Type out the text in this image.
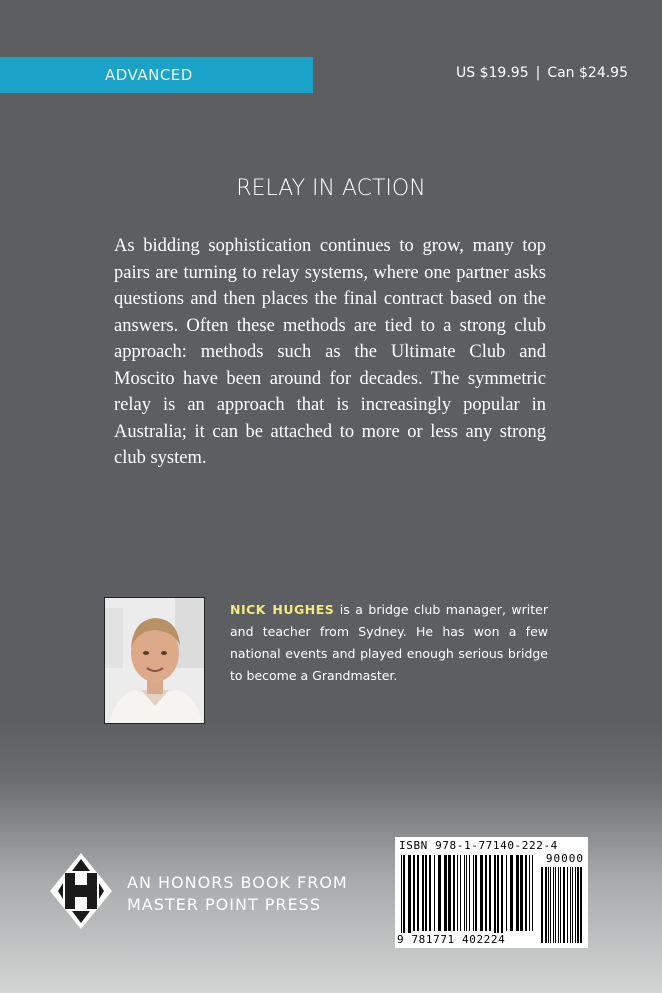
ADVANCED	US $19.95 | Can $24.95
RELAY IN ACTION

As bidding sophistication continues to grow, many top pairs are turning to relay systems, where one partner asks questions and then places the final contract based on the answers. Often these methods are tied to a strong club approach: methods such as the Ultimate Club and Moscito have been around for decades. The symmetric relay is an approach that is increasingly popular in Australia; it can be attached to more or less any strong club system.

NICK HUGHES is a bridge club manager, writer and teacher from Sydney. He has won a few national events and played enough serious bridge to become a Grandmaster.

AN HONORS BOOK FROM
MASTER POINT PRESS
ISBN 978-1-77140-222-4
90000
9 781771 402224
